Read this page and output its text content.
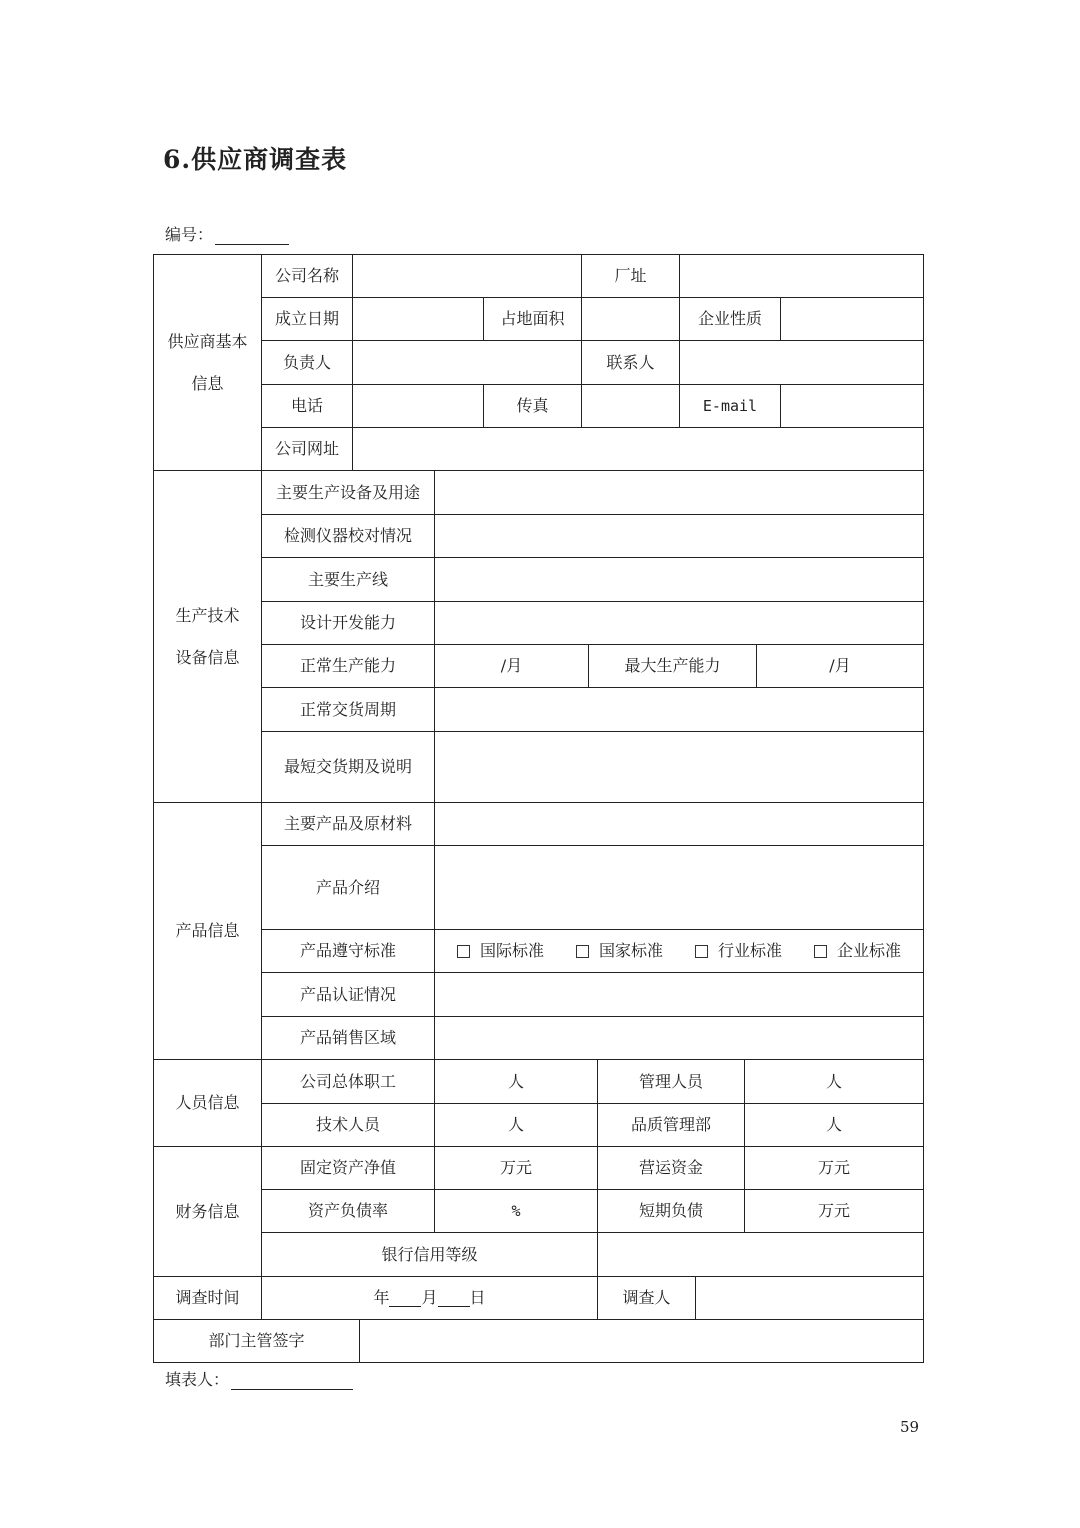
6.供应商调查表
编号：
供应商基本
信息
公司名称	厂址
成立日期	占地面积	企业性质
负责人	联系人
电话	传真	E-mail
公司网址
生产技术
设备信息
主要生产设备及用途
检测仪器校对情况
主要生产线
设计开发能力
正常生产能力	/月	最大生产能力	/月
正常交货周期
最短交货期及说明
产品信息
主要产品及原材料
产品介绍
产品遵守标准	国际标准	国家标准	行业标准	企业标准
产品认证情况
产品销售区域
人员信息
公司总体职工	人	管理人员	人
技术人员	人	品质管理部	人
财务信息
固定资产净值	万元	营运资金	万元
资产负债率	%	短期负债	万元
银行信用等级
调查时间	年 月 日	调查人
部门主管签字
填表人：
59
